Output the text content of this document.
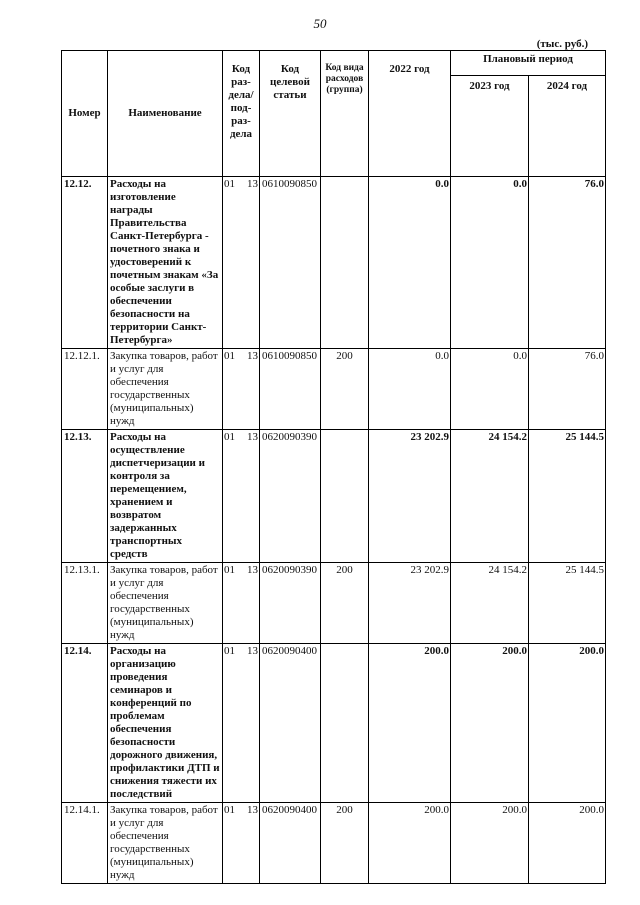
50
(тыс. руб.)
Номер	Наименование	Код раз- дела/ под- раз- дела	Код целевой статьи	Код вида расходов (группа)	2022 год	Плановый период	
						2023 год	2024 год
12.12.	Расходы на изготовление награды Правительства Санкт-Петербурга - почетного знака и удостоверений к почетным знакам «За особые заслуги в обеспечении безопасности на территории Санкт-Петербурга»	01 13	0610090850		0.0	0.0	76.0
12.12.1.	Закупка товаров, работ и услуг для обеспечения государственных (муниципальных) нужд	01 13	0610090850	200	0.0	0.0	76.0
12.13.	Расходы на осуществление диспетчеризации и контроля за перемещением, хранением и возвратом задержанных транспортных средств	01 13	0620090390		23 202.9	24 154.2	25 144.5
12.13.1.	Закупка товаров, работ и услуг для обеспечения государственных (муниципальных) нужд	01 13	0620090390	200	23 202.9	24 154.2	25 144.5
12.14.	Расходы на организацию проведения семинаров и конференций по проблемам обеспечения безопасности дорожного движения, профилактики ДТП и снижения тяжести их последствий	01 13	0620090400		200.0	200.0	200.0
12.14.1.	Закупка товаров, работ и услуг для обеспечения государственных (муниципальных) нужд	01 13	0620090400	200	200.0	200.0	200.0
